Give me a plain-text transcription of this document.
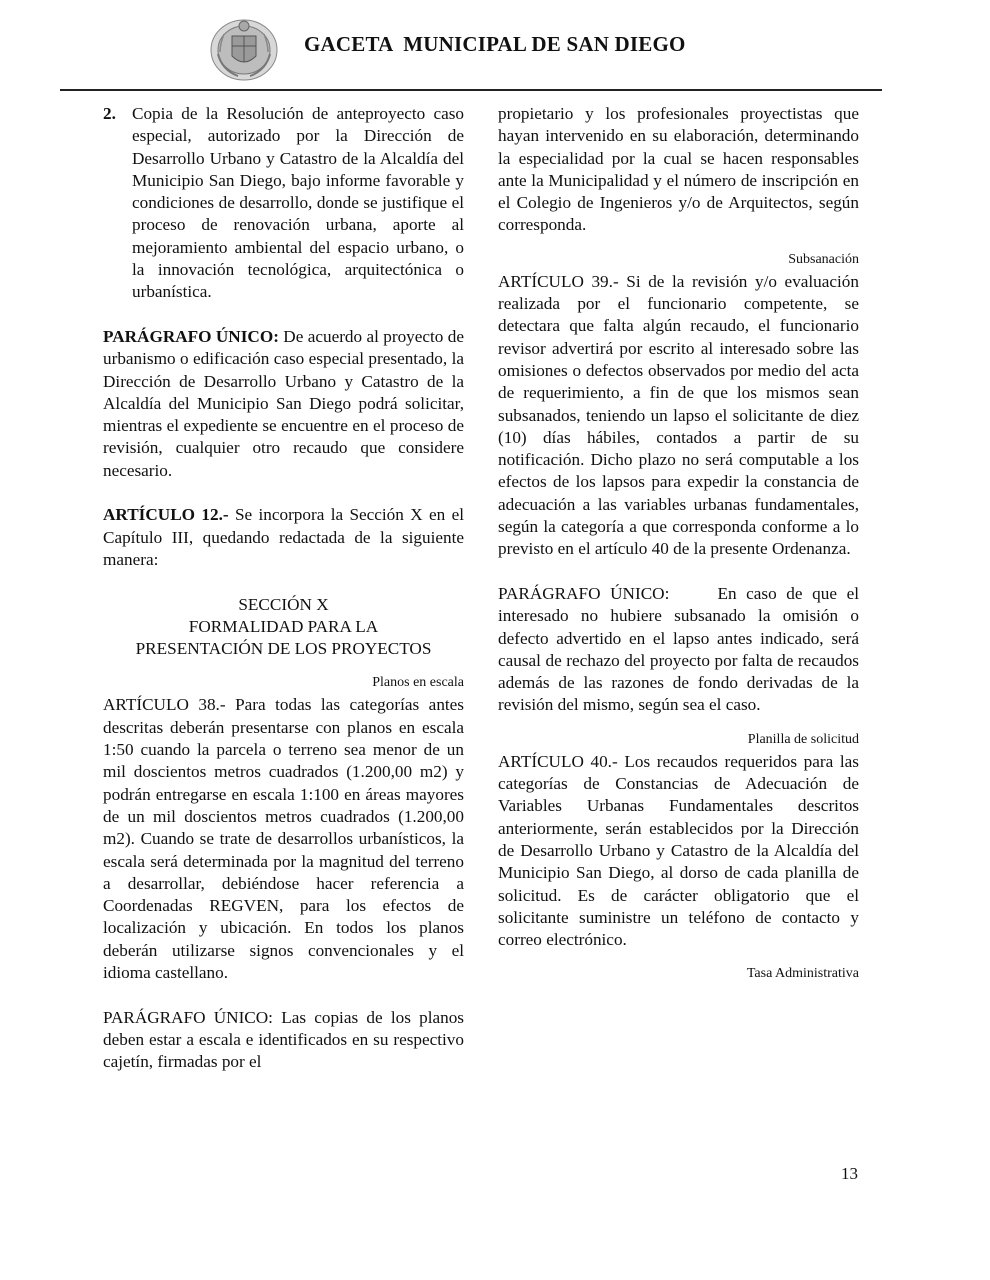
GACETA  MUNICIPAL DE SAN DIEGO
2. Copia de la Resolución de anteproyecto caso especial, autorizado por la Dirección de Desarrollo Urbano y Catastro de la Alcaldía del Municipio San Diego, bajo informe favorable y condiciones de desarrollo, donde se justifique el proceso de renovación urbana, aporte al mejoramiento ambiental del espacio urbano, o la innovación tecnológica, arquitectónica o urbanística.

PARÁGRAFO ÚNICO: De acuerdo al proyecto de urbanismo o edificación caso especial presentado, la Dirección de Desarrollo Urbano y Catastro de la Alcaldía del Municipio San Diego podrá solicitar, mientras el expediente se encuentre en el proceso de revisión, cualquier otro recaudo que considere necesario.

ARTÍCULO 12.- Se incorpora la Sección X en el Capítulo III, quedando redactada de la siguiente manera:

SECCIÓN X
FORMALIDAD PARA LA
PRESENTACIÓN DE LOS PROYECTOS
Planos en escala

ARTÍCULO 38.- Para todas las categorías antes descritas deberán presentarse con planos en escala 1:50 cuando la parcela o terreno sea menor de un mil doscientos metros cuadrados (1.200,00 m2) y podrán entregarse en escala 1:100 en áreas mayores de un mil doscientos metros cuadrados (1.200,00 m2). Cuando se trate de desarrollos urbanísticos, la escala será determinada por la magnitud del terreno a desarrollar, debiéndose hacer referencia a Coordenadas REGVEN, para los efectos de localización y ubicación. En todos los planos deberán utilizarse signos convencionales y el idioma castellano.

PARÁGRAFO ÚNICO: Las copias de los planos deben estar a escala e identificados en su respectivo cajetín, firmadas por el

propietario y los profesionales proyectistas que hayan intervenido en su elaboración, determinando la especialidad por la cual se hacen responsables ante la Municipalidad y el número de inscripción en el Colegio de Ingenieros y/o de Arquitectos, según corresponda.

Subsanación

ARTÍCULO 39.- Si de la revisión y/o evaluación realizada por el funcionario competente, se detectara que falta algún recaudo, el funcionario revisor advertirá por escrito al interesado sobre las omisiones o defectos observados por medio del acta de requerimiento, a fin de que los mismos sean subsanados, teniendo un lapso el solicitante de diez (10) días hábiles, contados a partir de su notificación. Dicho plazo no será computable a los efectos de los lapsos para expedir la constancia de adecuación a las variables urbanas fundamentales, según la categoría a que corresponda conforme a lo previsto en el artículo 40 de la presente Ordenanza.

PARÁGRAFO ÚNICO:     En caso de que el interesado no hubiere subsanado la omisión o defecto advertido en el lapso antes indicado, será causal de rechazo del proyecto por falta de recaudos además de las razones de fondo derivadas de la revisión del mismo, según sea el caso.

Planilla de solicitud

ARTÍCULO 40.- Los recaudos requeridos para las categorías de Constancias de Adecuación de Variables Urbanas Fundamentales descritos anteriormente, serán establecidos por la Dirección de Desarrollo Urbano y Catastro de la Alcaldía del Municipio San Diego, al dorso de cada planilla de solicitud. Es de carácter obligatorio que el solicitante suministre un teléfono de contacto y correo electrónico.

Tasa Administrativa
13
